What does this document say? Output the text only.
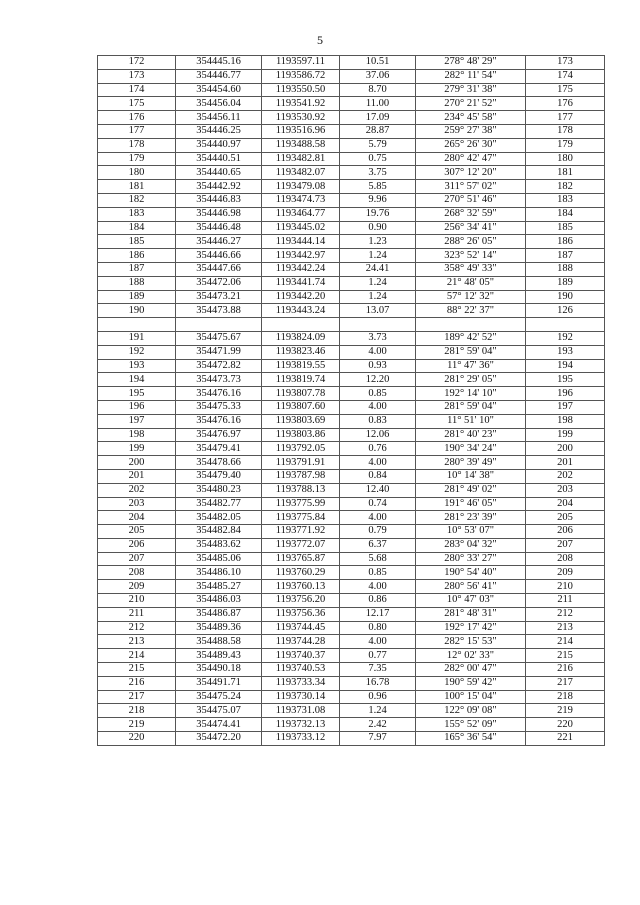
5
172	354445.16	1193597.11	10.51	278° 48' 29"	173
173	354446.77	1193586.72	37.06	282° 11' 54"	174
174	354454.60	1193550.50	8.70	279° 31' 38"	175
175	354456.04	1193541.92	11.00	270° 21' 52"	176
176	354456.11	1193530.92	17.09	234° 45' 58"	177
177	354446.25	1193516.96	28.87	259° 27' 38"	178
178	354440.97	1193488.58	5.79	265° 26' 30"	179
179	354440.51	1193482.81	0.75	280° 42' 47"	180
180	354440.65	1193482.07	3.75	307° 12' 20"	181
181	354442.92	1193479.08	5.85	311° 57' 02"	182
182	354446.83	1193474.73	9.96	270° 51' 46"	183
183	354446.98	1193464.77	19.76	268° 32' 59"	184
184	354446.48	1193445.02	0.90	256° 34' 41"	185
185	354446.27	1193444.14	1.23	288° 26' 05"	186
186	354446.66	1193442.97	1.24	323° 52' 14"	187
187	354447.66	1193442.24	24.41	358° 49' 33"	188
188	354472.06	1193441.74	1.24	21° 48' 05"	189
189	354473.21	1193442.20	1.24	57° 12' 32"	190
190	354473.88	1193443.24	13.07	88° 22' 37"	126

191	354475.67	1193824.09	3.73	189° 42' 52"	192
192	354471.99	1193823.46	4.00	281° 59' 04"	193
193	354472.82	1193819.55	0.93	11° 47' 36"	194
194	354473.73	1193819.74	12.20	281° 29' 05"	195
195	354476.16	1193807.78	0.85	192° 14' 10"	196
196	354475.33	1193807.60	4.00	281° 59' 04"	197
197	354476.16	1193803.69	0.83	11° 51' 10"	198
198	354476.97	1193803.86	12.06	281° 40' 23"	199
199	354479.41	1193792.05	0.76	190° 34' 24"	200
200	354478.66	1193791.91	4.00	280° 39' 49"	201
201	354479.40	1193787.98	0.84	10° 14' 38"	202
202	354480.23	1193788.13	12.40	281° 49' 02"	203
203	354482.77	1193775.99	0.74	191° 46' 05"	204
204	354482.05	1193775.84	4.00	281° 23' 39"	205
205	354482.84	1193771.92	0.79	10° 53' 07"	206
206	354483.62	1193772.07	6.37	283° 04' 32"	207
207	354485.06	1193765.87	5.68	280° 33' 27"	208
208	354486.10	1193760.29	0.85	190° 54' 40"	209
209	354485.27	1193760.13	4.00	280° 56' 41"	210
210	354486.03	1193756.20	0.86	10° 47' 03"	211
211	354486.87	1193756.36	12.17	281° 48' 31"	212
212	354489.36	1193744.45	0.80	192° 17' 42"	213
213	354488.58	1193744.28	4.00	282° 15' 53"	214
214	354489.43	1193740.37	0.77	12° 02' 33"	215
215	354490.18	1193740.53	7.35	282° 00' 47"	216
216	354491.71	1193733.34	16.78	190° 59' 42"	217
217	354475.24	1193730.14	0.96	100° 15' 04"	218
218	354475.07	1193731.08	1.24	122° 09' 08"	219
219	354474.41	1193732.13	2.42	155° 52' 09"	220
220	354472.20	1193733.12	7.97	165° 36' 54"	221
